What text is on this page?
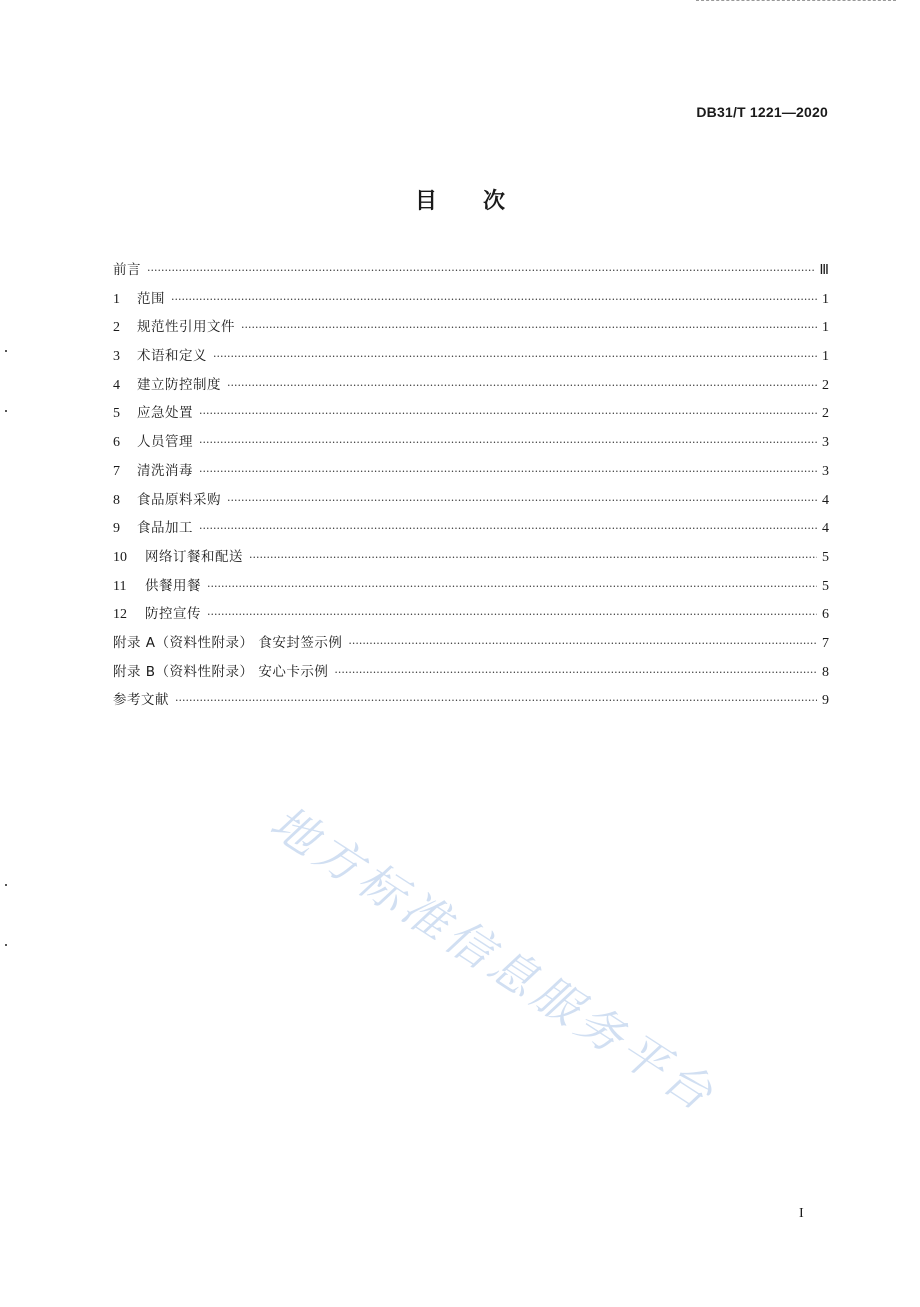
DB31/T 1221—2020
目次
前言 ·····	Ⅲ
1	范围 ·····	1
2	规范性引用文件 ·····	1
3	术语和定义 ·····	1
4	建立防控制度 ·····	2
5	应急处置 ·····	2
6	人员管理 ·····	3
7	清洗消毒 ·····	3
8	食品原料采购 ·····	4
9	食品加工 ·····	4
10	网络订餐和配送 ·····	5
11	供餐用餐 ·····	5
12	防控宣传 ·····	6
附录 A（资料性附录） 食安封签示例 ·····	7
附录 B（资料性附录） 安心卡示例 ·····	8
参考文献 ·····	9
地方标准信息服务平台
I
